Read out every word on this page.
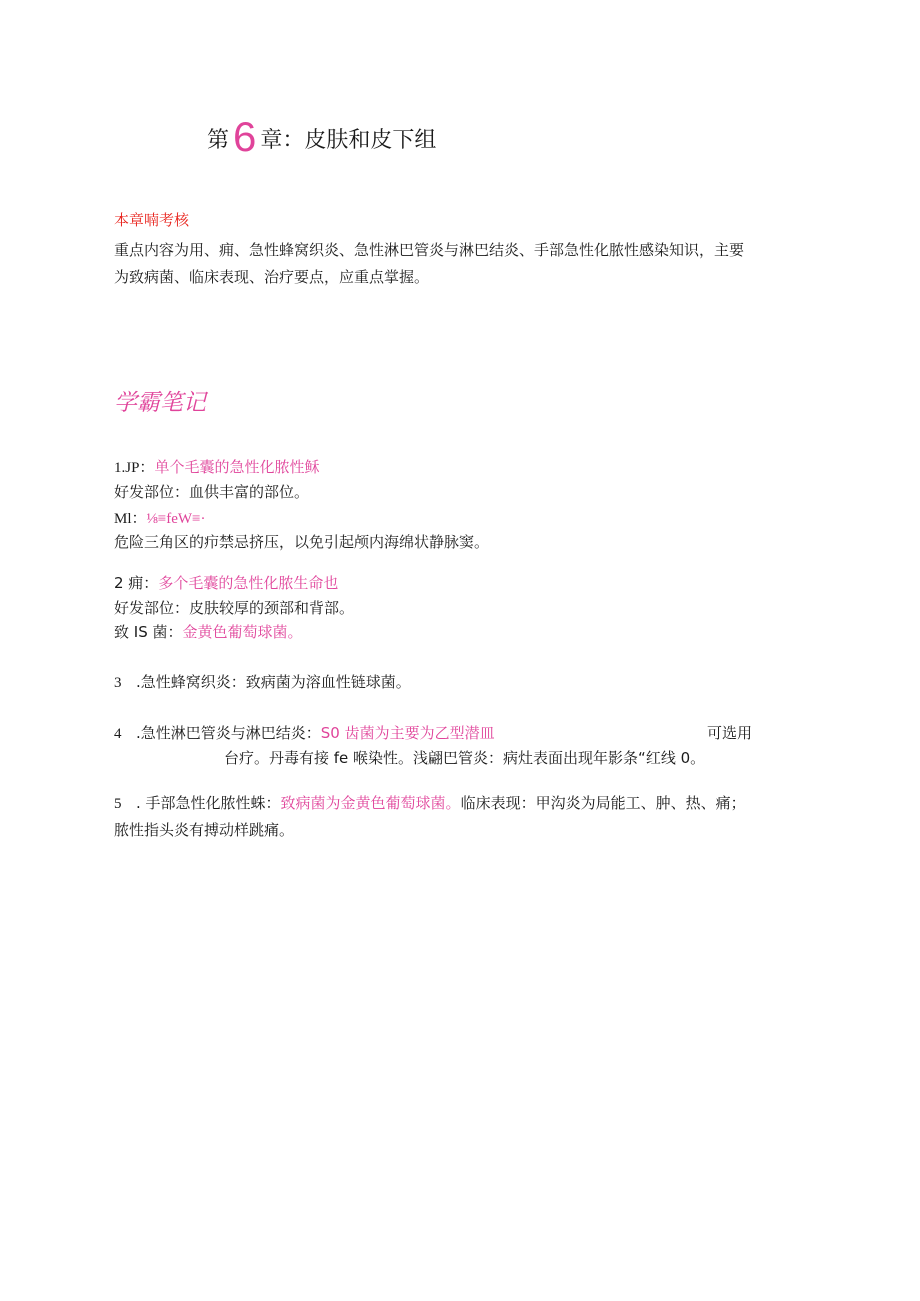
第6 章：皮肤和皮下组
本章喃考核
重点内容为用、痈、急性蜂窝织炎、急性淋巴管炎与淋巴结炎、手部急性化脓性感染知识，主要
为致病菌、临床表现、治疗要点，应重点掌握。
学霸笔记
1.JP：单个毛囊的急性化脓性稣
好发部位：血供丰富的部位。
Ml：⅛≡feW≡·
危险三角区的疖禁忌挤压，以免引起颅内海绵状静脉窦。
2 痈：多个毛囊的急性化脓生命也
好发部位：皮肤较厚的颈部和背部。
致 IS 菌：金黄色葡萄球菌。
3 .急性蜂窝织炎：致病菌为溶血性链球菌。
4 .急性淋巴管炎与淋巴结炎：S0 齿菌为主要为乙型潜皿	可选用
台疗。丹毒有接 fe 喉染性。浅翩巴管炎：病灶表面出现年影条“红线 0。
5 . 手部急性化脓性蛛：致病菌为金黄色葡萄球菌。临床表现：甲沟炎为局能工、肿、热、痛；
脓性指头炎有搏动样跳痛。
